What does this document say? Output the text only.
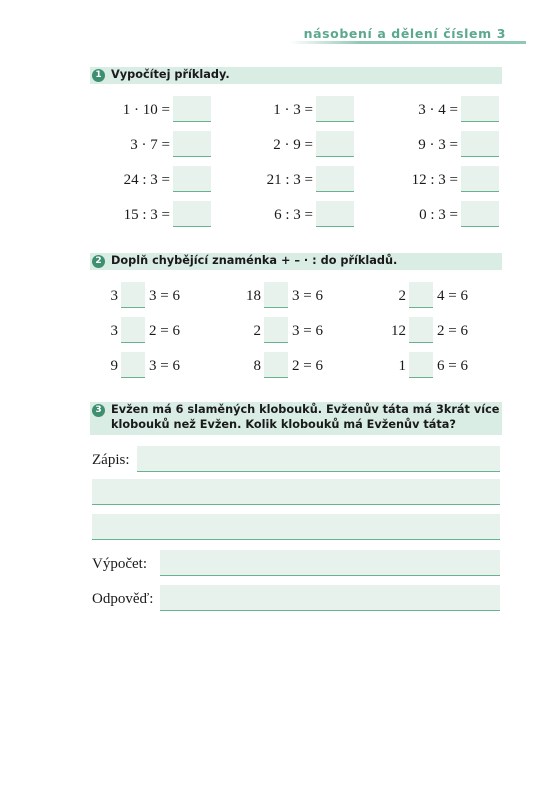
násobení a dělení číslem 3
1 Vypočítej příklady.
1 · 10 =
3 · 7 =
24 : 3 =
15 : 3 =
1 · 3 =
2 · 9 =
21 : 3 =
6 : 3 =
3 · 4 =
9 · 3 =
12 : 3 =
0 : 3 =
2 Doplň chybějící znaménka + – · : do příkladů.
3 3 = 6
3 2 = 6
9 3 = 6
18 3 = 6
2 3 = 6
8 2 = 6
2 4 = 6
12 2 = 6
1 6 = 6
3 Evžen má 6 slaměných klobouků. Evženův táta má 3krát více
klobouků než Evžen. Kolik klobouků má Evženův táta?
Zápis:
Výpočet:
Odpověď:
